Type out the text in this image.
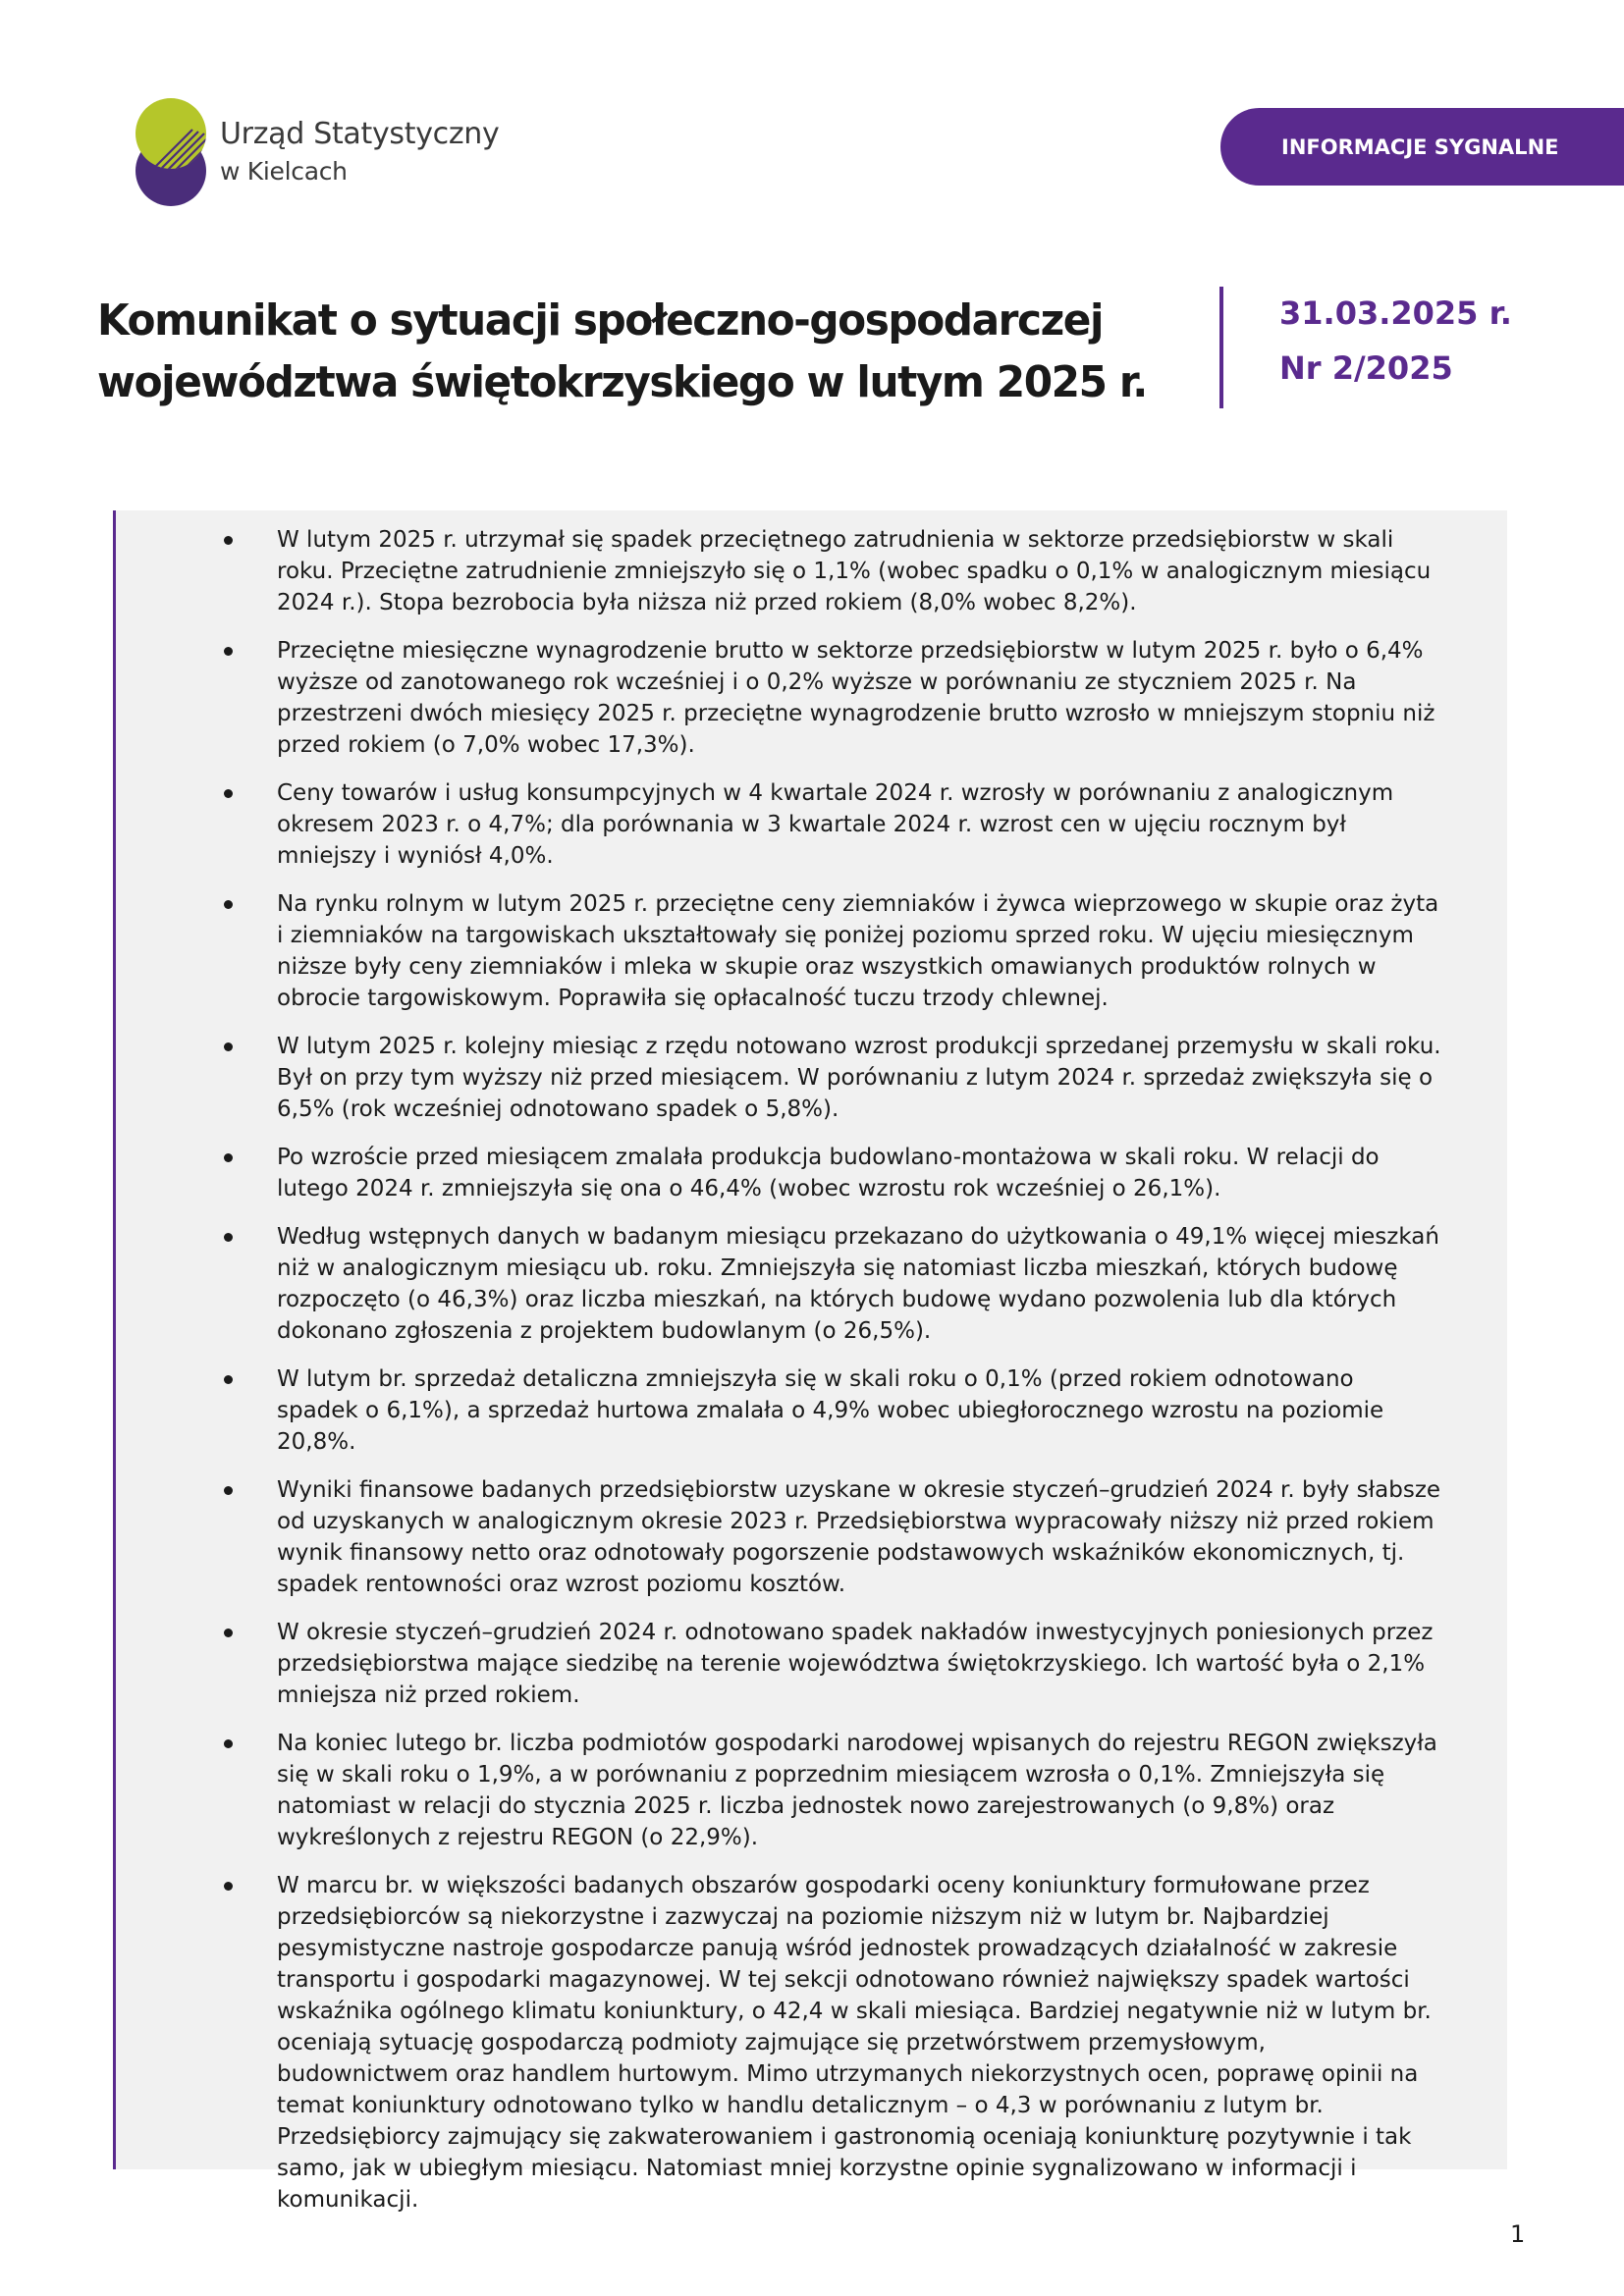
Urząd Statystyczny
w Kielcach
INFORMACJE SYGNALNE
Komunikat o sytuacji społeczno-gospodarczej
województwa świętokrzyskiego w lutym 2025 r.
31.03.2025 r.
Nr 2/2025
W lutym 2025 r. utrzymał się spadek przeciętnego zatrudnienia w sektorze przedsiębiorstw w skali roku. Przeciętne zatrudnienie zmniejszyło się o 1,1% (wobec spadku o 0,1% w analogicznym miesiącu 2024 r.). Stopa bezrobocia była niższa niż przed rokiem (8,0% wobec 8,2%).
Przeciętne miesięczne wynagrodzenie brutto w sektorze przedsiębiorstw w lutym 2025 r. było o 6,4% wyższe od zanotowanego rok wcześniej i o 0,2% wyższe w porównaniu ze styczniem 2025 r. Na przestrzeni dwóch miesięcy 2025 r. przeciętne wynagrodzenie brutto wzrosło w mniejszym stopniu niż przed rokiem (o 7,0% wobec 17,3%).
Ceny towarów i usług konsumpcyjnych w 4 kwartale 2024 r. wzrosły w porównaniu z analogicznym okresem 2023 r. o 4,7%; dla porównania w 3 kwartale 2024 r. wzrost cen w ujęciu rocznym był mniejszy i wyniósł 4,0%.
Na rynku rolnym w lutym 2025 r. przeciętne ceny ziemniaków i żywca wieprzowego w skupie oraz żyta i ziemniaków na targowiskach ukształtowały się poniżej poziomu sprzed roku. W ujęciu miesięcznym niższe były ceny ziemniaków i mleka w skupie oraz wszystkich omawianych produktów rolnych w obrocie targowiskowym. Poprawiła się opłacalność tuczu trzody chlewnej.
W lutym 2025 r. kolejny miesiąc z rzędu notowano wzrost produkcji sprzedanej przemysłu w skali roku. Był on przy tym wyższy niż przed miesiącem. W porównaniu z lutym 2024 r. sprzedaż zwiększyła się o 6,5% (rok wcześniej odnotowano spadek o 5,8%).
Po wzroście przed miesiącem zmalała produkcja budowlano-montażowa w skali roku. W relacji do lutego 2024 r. zmniejszyła się ona o 46,4% (wobec wzrostu rok wcześniej o 26,1%).
Według wstępnych danych w badanym miesiącu przekazano do użytkowania o 49,1% więcej mieszkań niż w analogicznym miesiącu ub. roku. Zmniejszyła się natomiast liczba mieszkań, których budowę rozpoczęto (o 46,3%) oraz liczba mieszkań, na których budowę wydano pozwolenia lub dla których dokonano zgłoszenia z projektem budowlanym (o 26,5%).
W lutym br. sprzedaż detaliczna zmniejszyła się w skali roku o 0,1% (przed rokiem odnotowano spadek o 6,1%), a sprzedaż hurtowa zmalała o 4,9% wobec ubiegłorocznego wzrostu na poziomie 20,8%.
Wyniki finansowe badanych przedsiębiorstw uzyskane w okresie styczeń–grudzień 2024 r. były słabsze od uzyskanych w analogicznym okresie 2023 r. Przedsiębiorstwa wypracowały niższy niż przed rokiem wynik finansowy netto oraz odnotowały pogorszenie podstawowych wskaźników ekonomicznych, tj. spadek rentowności oraz wzrost poziomu kosztów.
W okresie styczeń–grudzień 2024 r. odnotowano spadek nakładów inwestycyjnych poniesionych przez przedsiębiorstwa mające siedzibę na terenie województwa świętokrzyskiego. Ich wartość była o 2,1% mniejsza niż przed rokiem.
Na koniec lutego br. liczba podmiotów gospodarki narodowej wpisanych do rejestru REGON zwiększyła się w skali roku o 1,9%, a w porównaniu z poprzednim miesiącem wzrosła o 0,1%. Zmniejszyła się natomiast w relacji do stycznia 2025 r. liczba jednostek nowo zarejestrowanych (o 9,8%) oraz wykreślonych z rejestru REGON (o 22,9%).
W marcu br. w większości badanych obszarów gospodarki oceny koniunktury formułowane przez przedsiębiorców są niekorzystne i zazwyczaj na poziomie niższym niż w lutym br. Najbardziej pesymistyczne nastroje gospodarcze panują wśród jednostek prowadzących działalność w zakresie transportu i gospodarki magazynowej. W tej sekcji odnotowano również największy spadek wartości wskaźnika ogólnego klimatu koniunktury, o 42,4 w skali miesiąca. Bardziej negatywnie niż w lutym br. oceniają sytuację gospodarczą podmioty zajmujące się przetwórstwem przemysłowym, budownictwem oraz handlem hurtowym. Mimo utrzymanych niekorzystnych ocen, poprawę opinii na temat koniunktury odnotowano tylko w handlu detalicznym – o 4,3 w porównaniu z lutym br. Przedsiębiorcy zajmujący się zakwaterowaniem i gastronomią oceniają koniunkturę pozytywnie i tak samo, jak w ubiegłym miesiącu. Natomiast mniej korzystne opinie sygnalizowano w informacji i komunikacji.
1
